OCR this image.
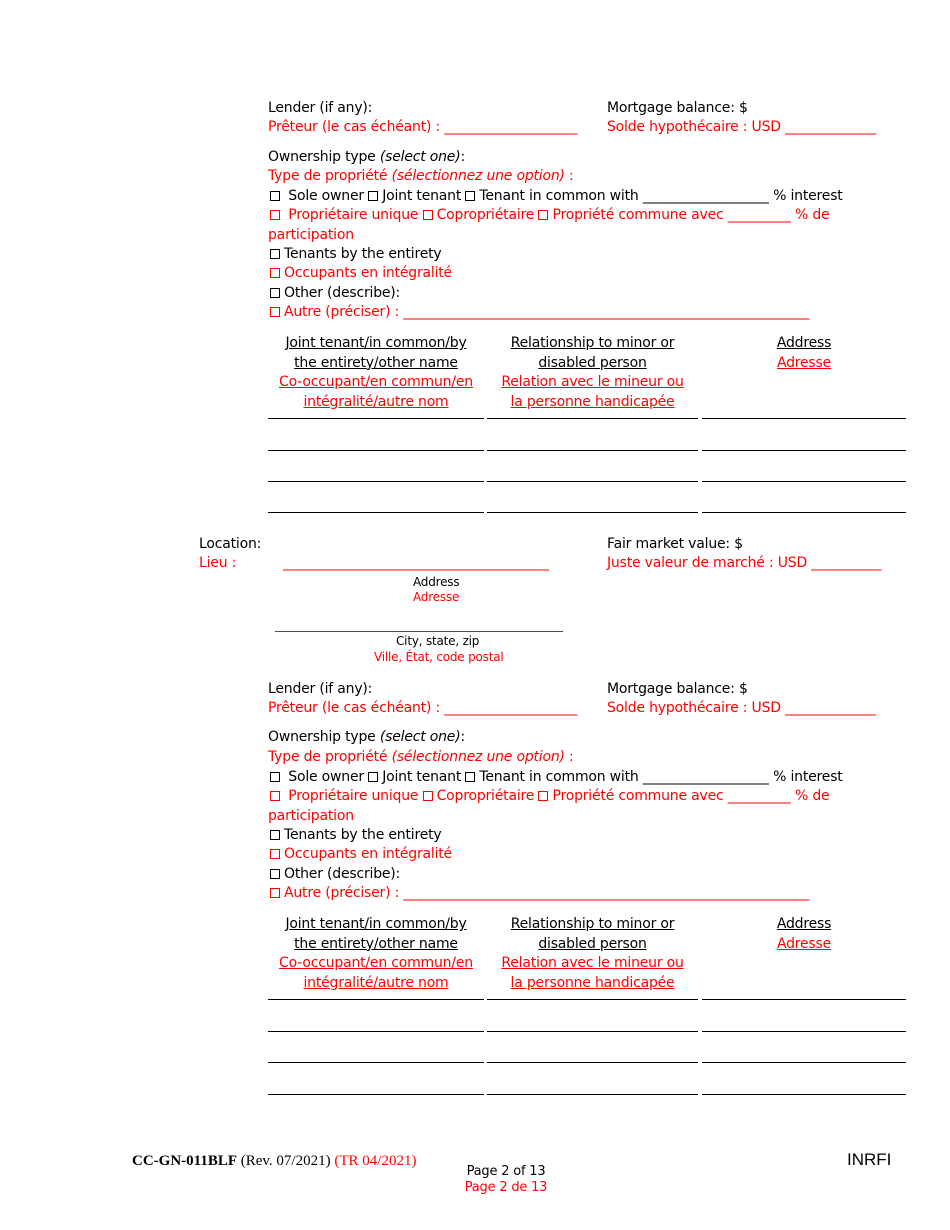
Lender (if any):
Prêteur (le cas échéant) : ___________________
Mortgage balance: $
Solde hypothécaire : USD _____________
Ownership type (select one):
Type de propriété (sélectionnez une option) :
Sole owner Joint tenant Tenant in common with __________________ % interest
Propriétaire unique Copropriétaire Propriété commune avec _________ % de
participation
Tenants by the entirety
Occupants en intégralité
Other (describe):
Autre (préciser) : __________________________________________________________
Joint tenant/in common/by
the entirety/other name
Co-occupant/en commun/en
intégralité/autre nom
Relationship to minor or
disabled person
Relation avec le mineur ou
la personne handicapée
Address
Adresse
Location:
Lieu :	______________________________________
Address
Adresse
________________________________________________
City, state, zip
Ville, État, code postal
Fair market value: $
Juste valeur de marché : USD __________
Lender (if any):
Prêteur (le cas échéant) : ___________________
Mortgage balance: $
Solde hypothécaire : USD _____________
Ownership type (select one):
Type de propriété (sélectionnez une option) :
Sole owner Joint tenant Tenant in common with __________________ % interest
Propriétaire unique Copropriétaire Propriété commune avec _________ % de
participation
Tenants by the entirety
Occupants en intégralité
Other (describe):
Autre (préciser) : __________________________________________________________
Joint tenant/in common/by
the entirety/other name
Co-occupant/en commun/en
intégralité/autre nom
Relationship to minor or
disabled person
Relation avec le mineur ou
la personne handicapée
Address
Adresse
CC-GN-011BLF (Rev. 07/2021) (TR 04/2021)
Page 2 of 13
Page 2 de 13
INRFI
